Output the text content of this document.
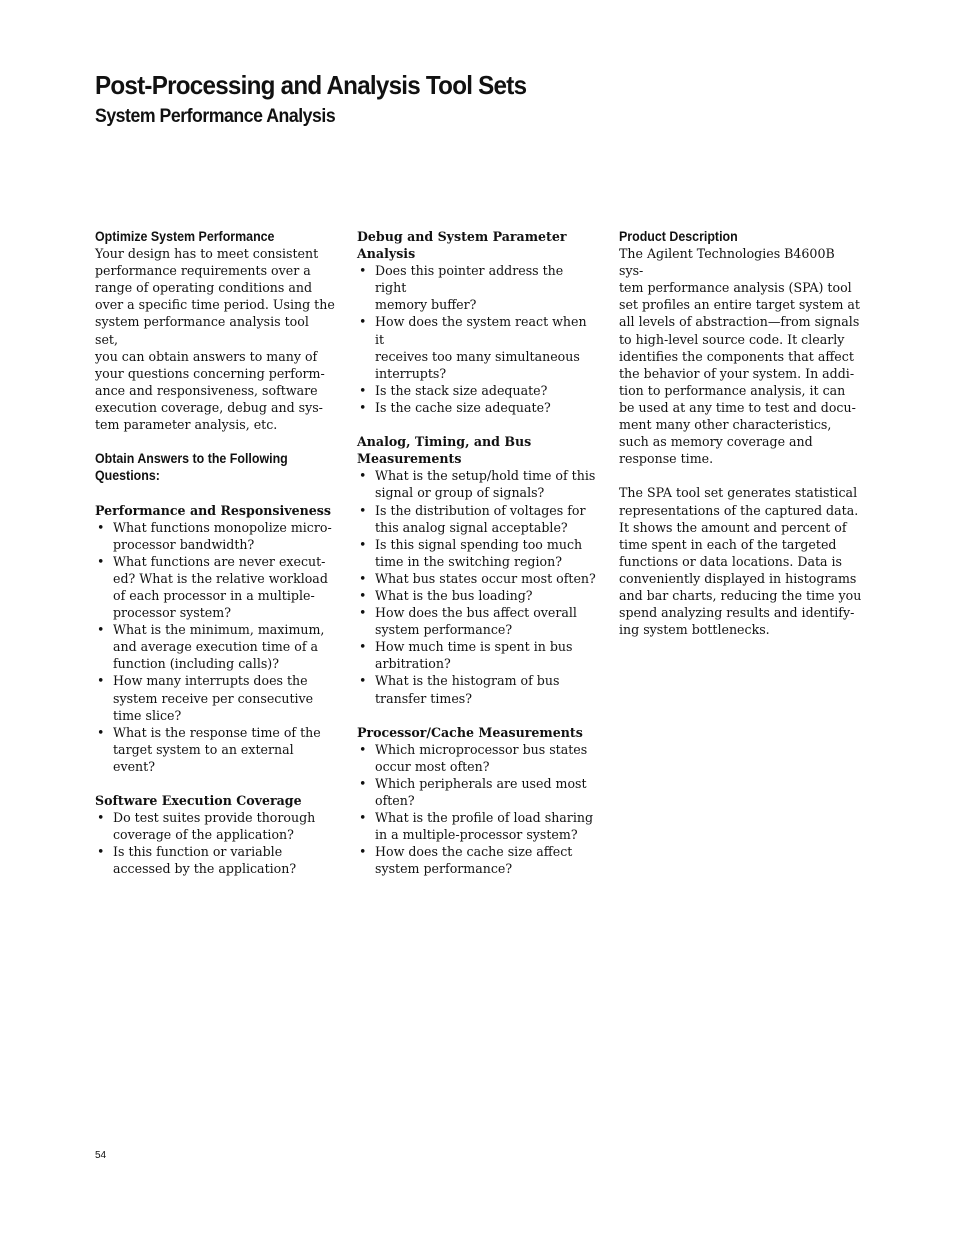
Post-Processing and Analysis Tool Sets
System Performance Analysis
Optimize System Performance
Your design has to meet consistent
performance requirements over a
range of operating conditions and
over a specific time period. Using the
system performance analysis tool set,
you can obtain answers to many of
your questions concerning perform-
ance and responsiveness, software
execution coverage, debug and sys-
tem parameter analysis, etc.
Obtain Answers to the Following
Questions:
Performance and Responsiveness
• What functions monopolize micro-
processor bandwidth?
• What functions are never execut-
ed? What is the relative workload
of each processor in a multiple-
processor system?
• What is the minimum, maximum,
and average execution time of a
function (including calls)?
• How many interrupts does the
system receive per consecutive
time slice?
• What is the response time of the
target system to an external
event?
Software Execution Coverage
• Do test suites provide thorough
coverage of the application?
• Is this function or variable
accessed by the application?
Debug and System Parameter
Analysis
• Does this pointer address the right
memory buffer?
• How does the system react when it
receives too many simultaneous
interrupts?
• Is the stack size adequate?
• Is the cache size adequate?
Analog, Timing, and Bus
Measurements
• What is the setup/hold time of this
signal or group of signals?
• Is the distribution of voltages for
this analog signal acceptable?
• Is this signal spending too much
time in the switching region?
• What bus states occur most often?
• What is the bus loading?
• How does the bus affect overall
system performance?
• How much time is spent in bus
arbitration?
• What is the histogram of bus
transfer times?
Processor/Cache Measurements
• Which microprocessor bus states
occur most often?
• Which peripherals are used most
often?
• What is the profile of load sharing
in a multiple-processor system?
• How does the cache size affect
system performance?
Product Description
The Agilent Technologies B4600B sys-
tem performance analysis (SPA) tool
set profiles an entire target system at
all levels of abstraction—from signals
to high-level source code. It clearly
identifies the components that affect
the behavior of your system. In addi-
tion to performance analysis, it can
be used at any time to test and docu-
ment many other characteristics,
such as memory coverage and
response time.
The SPA tool set generates statistical
representations of the captured data.
It shows the amount and percent of
time spent in each of the targeted
functions or data locations. Data is
conveniently displayed in histograms
and bar charts, reducing the time you
spend analyzing results and identify-
ing system bottlenecks.
54
